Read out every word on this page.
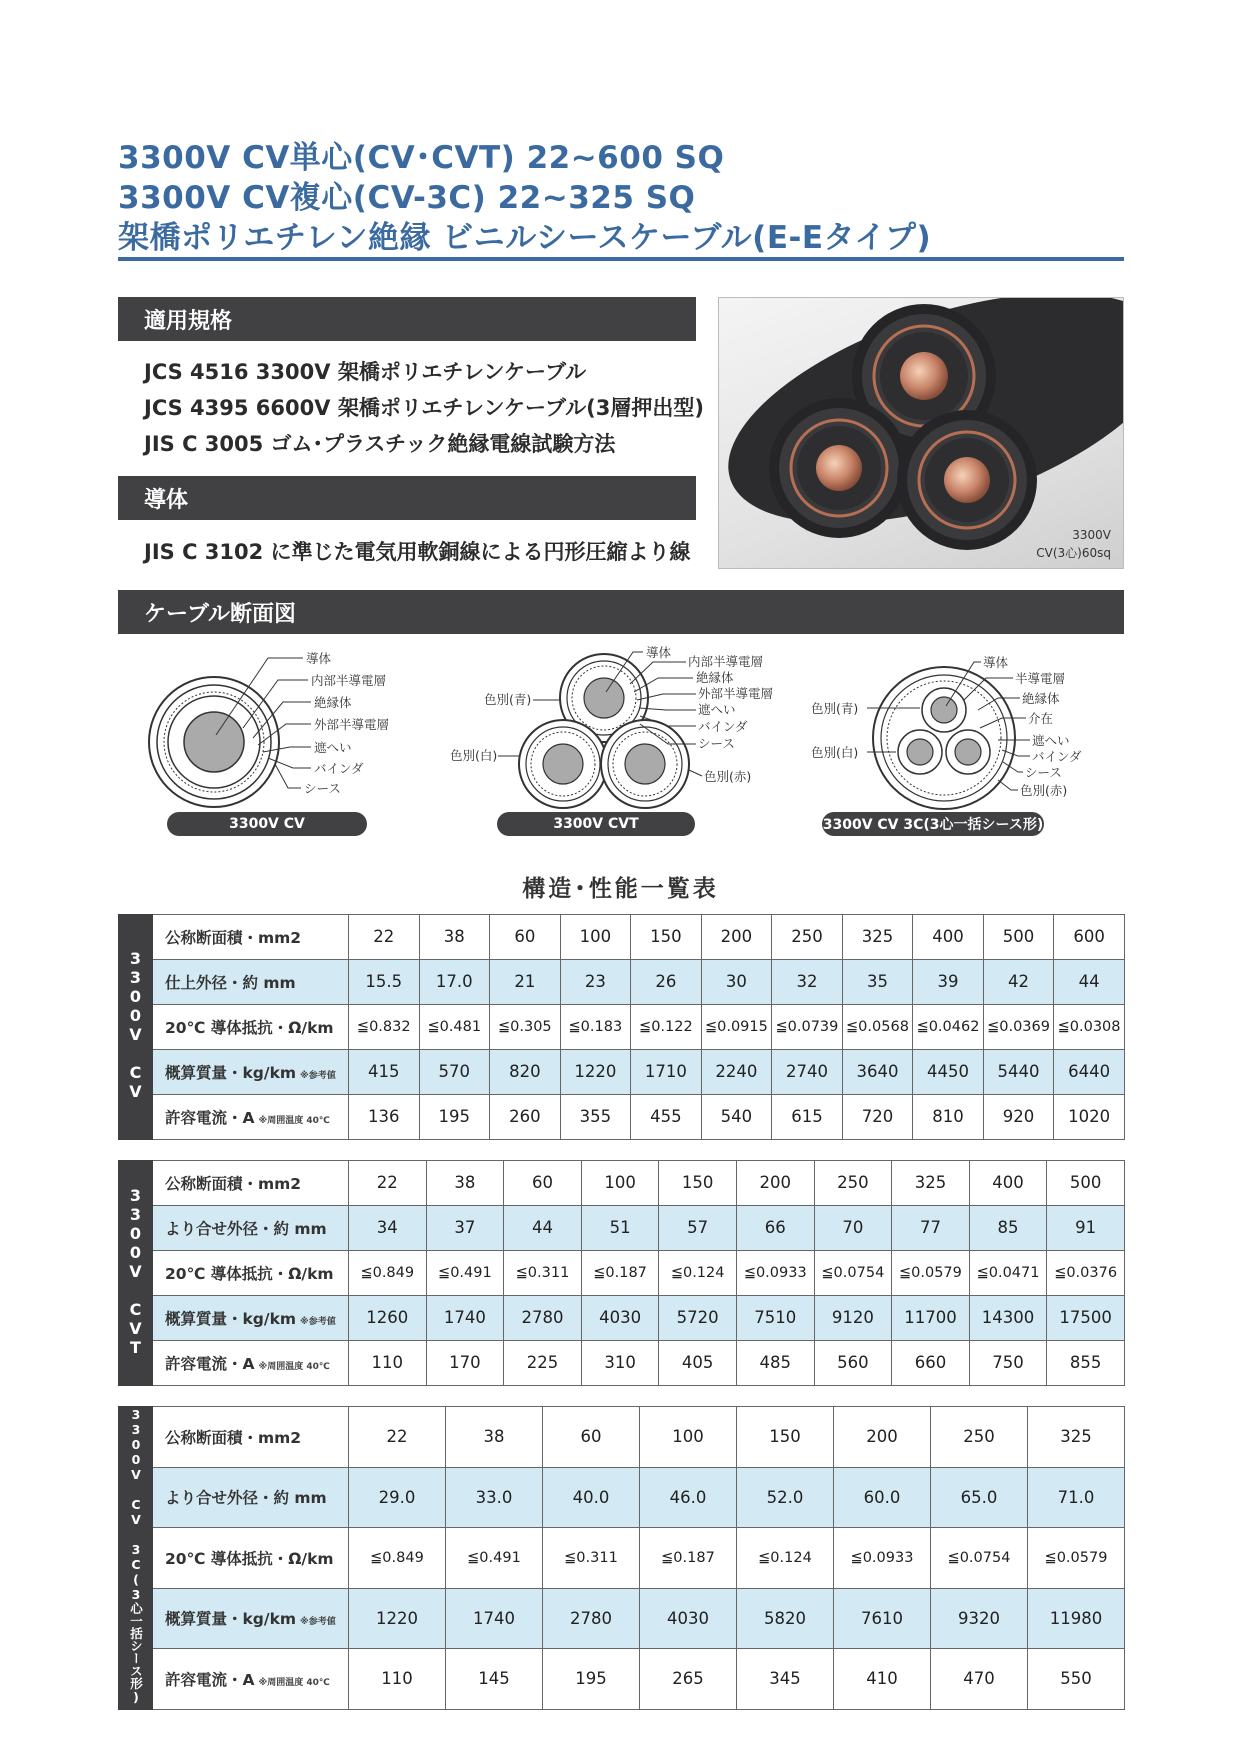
3300V CV単心(CV･CVT) 22~600 SQ
3300V CV複心(CV-3C) 22~325 SQ
架橋ポリエチレン絶縁 ビニルシースケーブル(E-Eタイプ)
適用規格
JCS 4516 3300V 架橋ポリエチレンケーブル
JCS 4395 6600V 架橋ポリエチレンケーブル(3層押出型)
JIS C 3005 ゴム･プラスチック絶縁電線試験方法
導体
JIS C 3102 に準じた電気用軟銅線による円形圧縮より線
3300V
CV(3心)60sq
ケーブル断面図
導体
内部半導電層
絶縁体
外部半導電層
遮へい
バインダ
シース
導体
内部半導電層
絶縁体
外部半導電層
遮へい
バインダ
シース
色別(青)
色別(白)
色別(赤)
導体
半導電層
絶縁体
介在
遮へい
バインダ
シース
色別(青)
色別(白)
色別(赤)
3300V CV	3300V CVT	3300V CV 3C(3心一括シース形)
構造･性能一覧表
3300V CV	公称断面積・mm2	22	38	60	100	150	200	250	325	400	500	600
	仕上外径・約 mm	15.5	17.0	21	23	26	30	32	35	39	42	44
	20℃ 導体抵抗・Ω/km	≦0.832	≦0.481	≦0.305	≦0.183	≦0.122	≦0.0915	≦0.0739	≦0.0568	≦0.0462	≦0.0369	≦0.0308
	概算質量・kg/km ※参考値	415	570	820	1220	1710	2240	2740	3640	4450	5440	6440
	許容電流・A ※周囲温度 40℃	136	195	260	355	455	540	615	720	810	920	1020
3300V CVT	公称断面積・mm2	22	38	60	100	150	200	250	325	400	500
	より合せ外径・約 mm	34	37	44	51	57	66	70	77	85	91
	20℃ 導体抵抗・Ω/km	≦0.849	≦0.491	≦0.311	≦0.187	≦0.124	≦0.0933	≦0.0754	≦0.0579	≦0.0471	≦0.0376
	概算質量・kg/km ※参考値	1260	1740	2780	4030	5720	7510	9120	11700	14300	17500
	許容電流・A ※周囲温度 40℃	110	170	225	310	405	485	560	660	750	855
3300V CV 3C(3心一括シース形)	公称断面積・mm2	22	38	60	100	150	200	250	325
	より合せ外径・約 mm	29.0	33.0	40.0	46.0	52.0	60.0	65.0	71.0
	20℃ 導体抵抗・Ω/km	≦0.849	≦0.491	≦0.311	≦0.187	≦0.124	≦0.0933	≦0.0754	≦0.0579
	概算質量・kg/km ※参考値	1220	1740	2780	4030	5820	7610	9320	11980
	許容電流・A ※周囲温度 40℃	110	145	195	265	345	410	470	550
